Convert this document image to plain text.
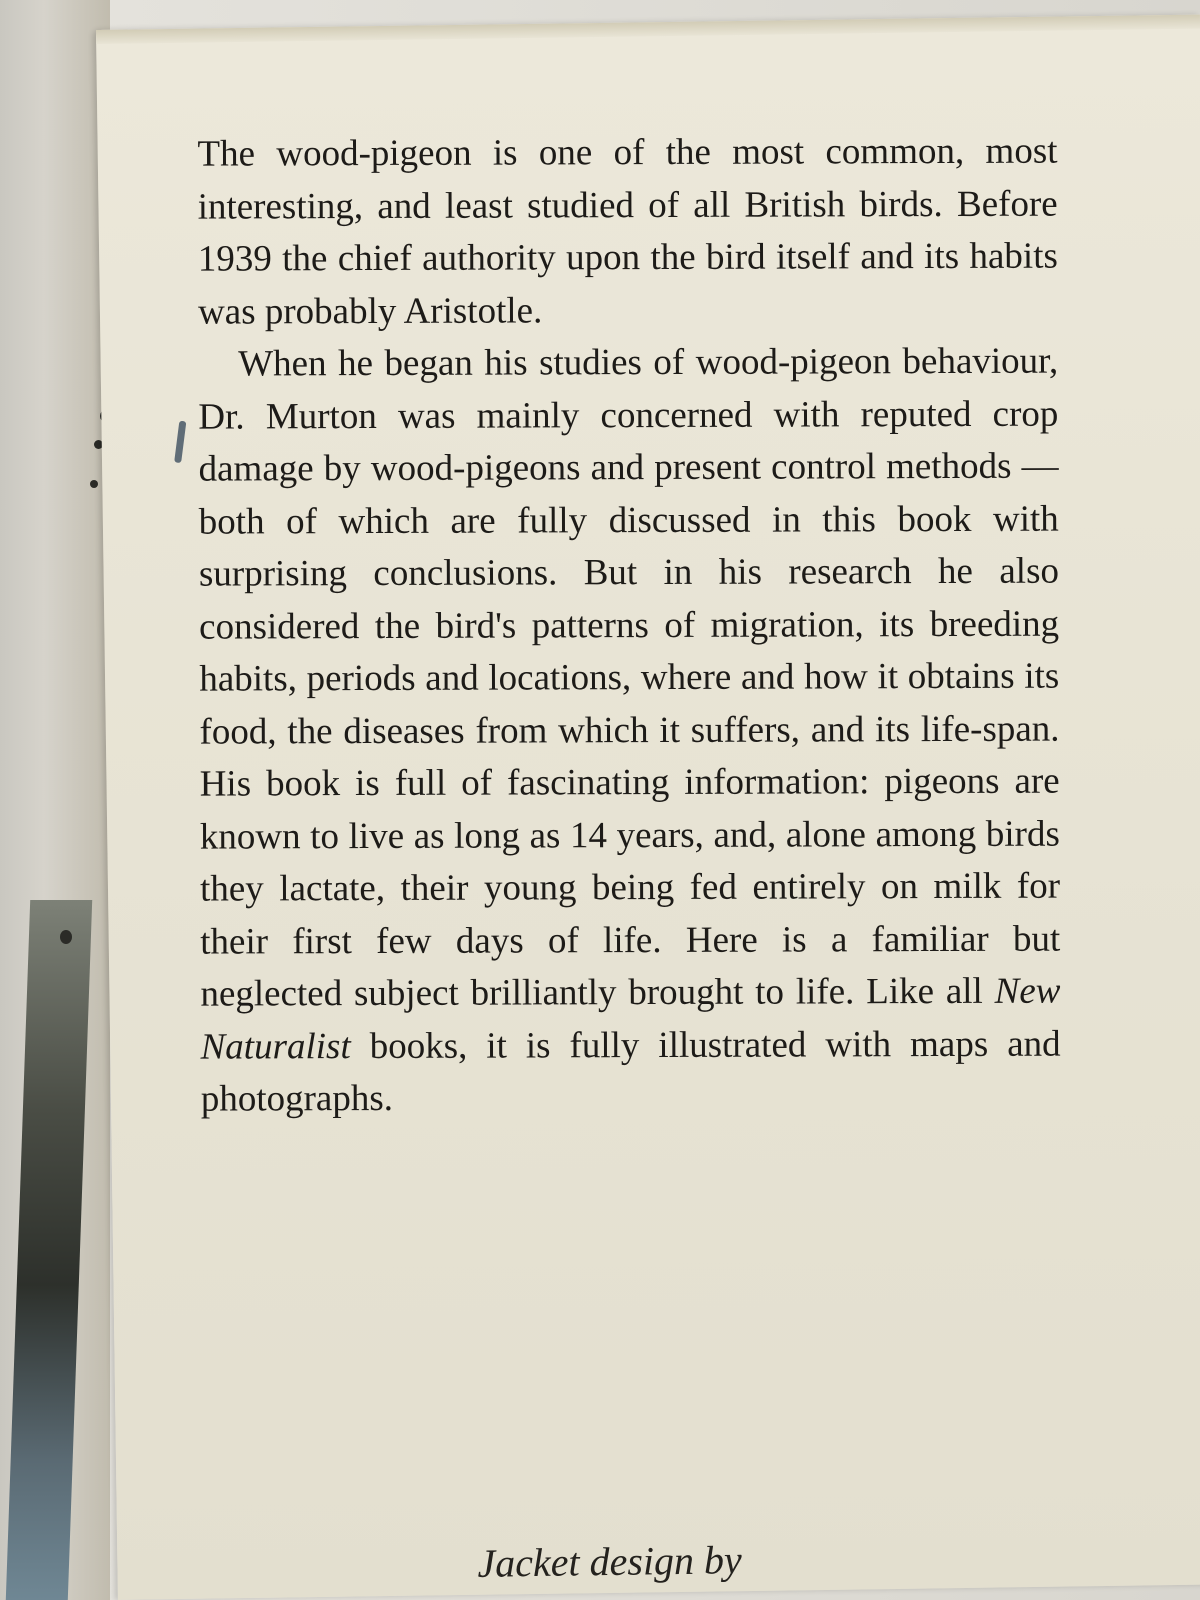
The wood-pigeon is one of the most common, most interesting, and least studied of all British birds. Before 1939 the chief authority upon the bird itself and its habits was probably Aristotle.

When he began his studies of wood-pigeon behaviour, Dr. Murton was mainly concerned with reputed crop damage by wood-pigeons and present control methods —both of which are fully discussed in this book with surprising conclusions. But in his research he also considered the bird's patterns of migration, its breeding habits, periods and locations, where and how it obtains its food, the diseases from which it suffers, and its life-span. His book is full of fascinating information: pigeons are known to live as long as 14 years, and, alone among birds they lactate, their young being fed entirely on milk for their first few days of life. Here is a familiar but neglected subject brilliantly brought to life. Like all New Naturalist books, it is fully illustrated with maps and photographs.

Jacket design by
